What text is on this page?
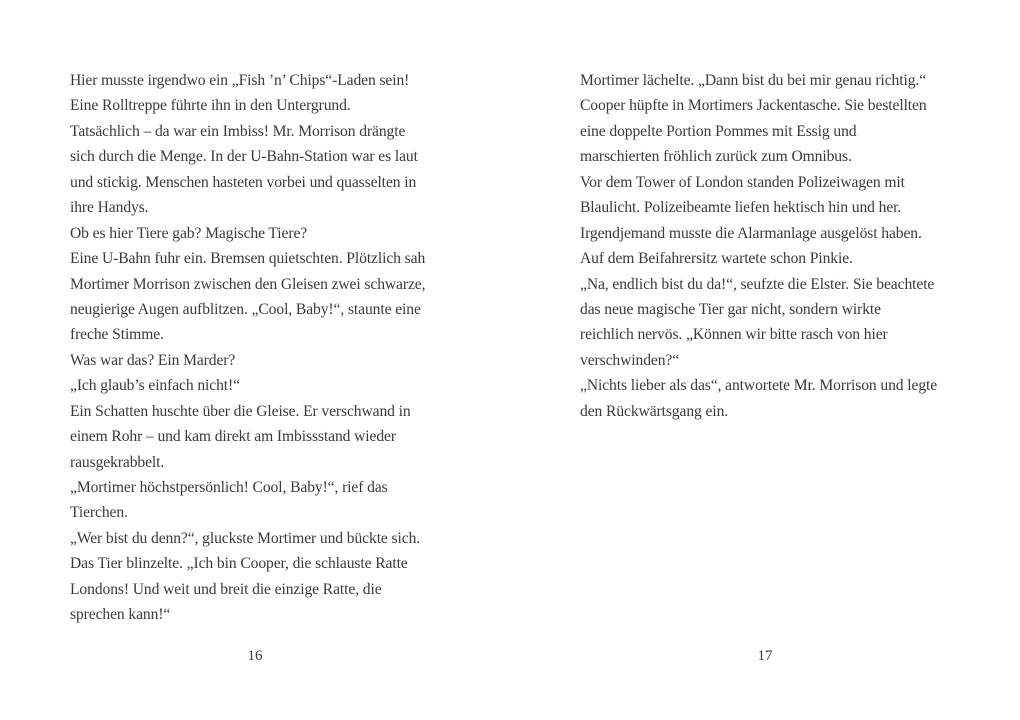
Hier musste irgendwo ein „Fish ’n’ Chips“-Laden sein!
Eine Rolltreppe führte ihn in den Untergrund.
Tatsächlich – da war ein Imbiss! Mr. Morrison drängte
sich durch die Menge. In der U-Bahn-Station war es laut
und stickig. Menschen hasteten vorbei und quasselten in
ihre Handys.
Ob es hier Tiere gab? Magische Tiere?
Eine U-Bahn fuhr ein. Bremsen quietschten. Plötzlich sah
Mortimer Morrison zwischen den Gleisen zwei schwarze,
neugierige Augen aufblitzen. „Cool, Baby!“, staunte eine
freche Stimme.
Was war das? Ein Marder?
„Ich glaub’s einfach nicht!“
Ein Schatten huschte über die Gleise. Er verschwand in
einem Rohr – und kam direkt am Imbissstand wieder
rausgekrabbelt.
„Mortimer höchstpersönlich! Cool, Baby!“, rief das
Tierchen.
„Wer bist du denn?“, gluckste Mortimer und bückte sich.
Das Tier blinzelte. „Ich bin Cooper, die schlauste Ratte
Londons! Und weit und breit die einzige Ratte, die
sprechen kann!“
Mortimer lächelte. „Dann bist du bei mir genau richtig.“
Cooper hüpfte in Mortimers Jackentasche. Sie bestellten
eine doppelte Portion Pommes mit Essig und
marschierten fröhlich zurück zum Omnibus.
Vor dem Tower of London standen Polizeiwagen mit
Blaulicht. Polizeibeamte liefen hektisch hin und her.
Irgendjemand musste die Alarmanlage ausgelöst haben.
Auf dem Beifahrersitz wartete schon Pinkie.
„Na, endlich bist du da!“, seufzte die Elster. Sie beachtete
das neue magische Tier gar nicht, sondern wirkte
reichlich nervös. „Können wir bitte rasch von hier
verschwinden?“
„Nichts lieber als das“, antwortete Mr. Morrison und legte
den Rückwärtsgang ein.
16	17
